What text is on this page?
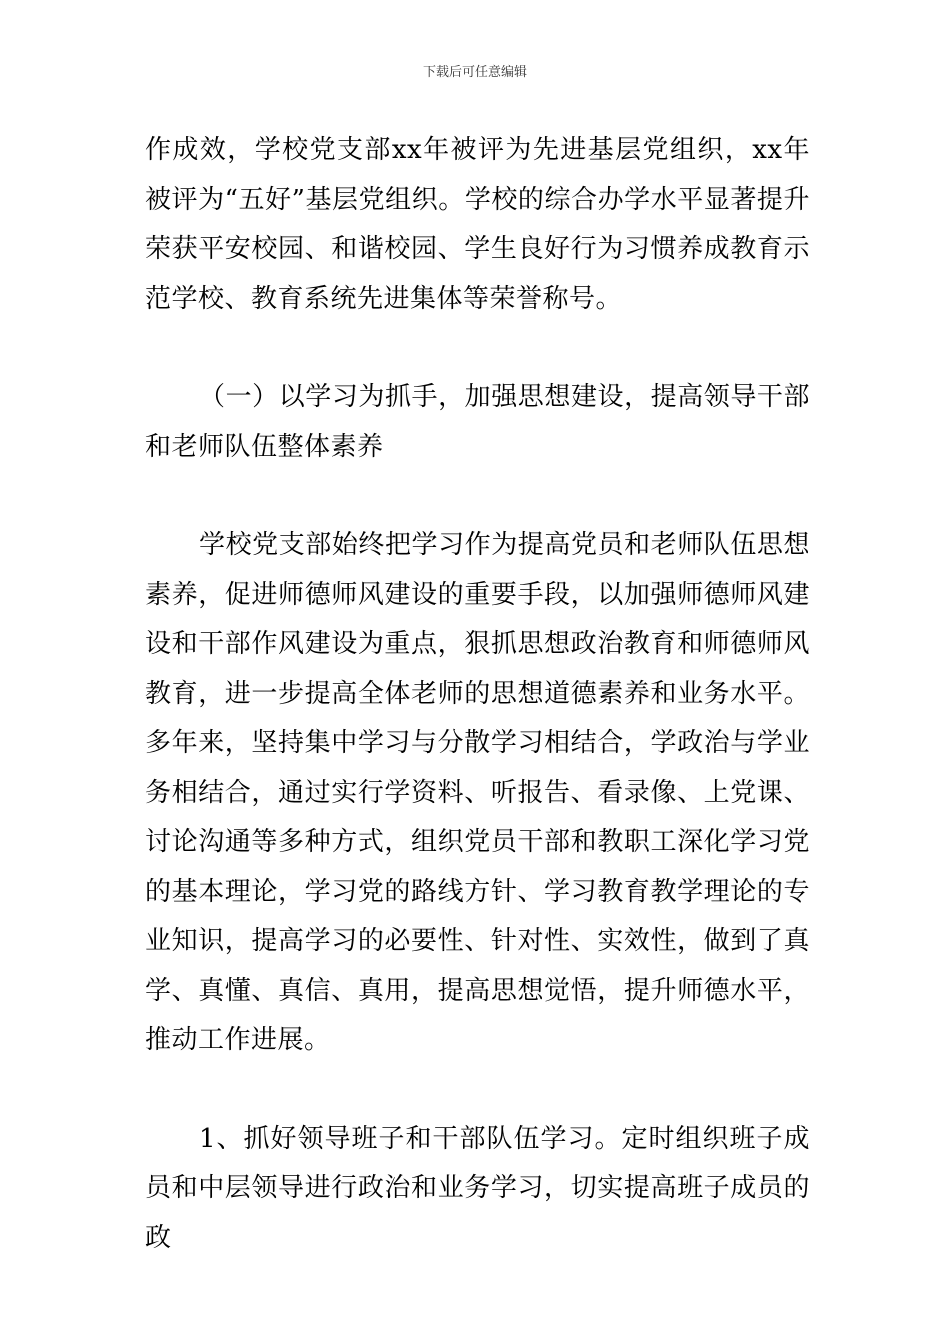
下载后可任意编辑

作成效，学校党支部xx年被评为先进基层党组织，xx年被评为“五好”基层党组织。学校的综合办学水平显著提升荣获平安校园、和谐校园、学生良好行为习惯养成教育示范学校、教育系统先进集体等荣誉称号。

（一）以学习为抓手，加强思想建设，提高领导干部和老师队伍整体素养

学校党支部始终把学习作为提高党员和老师队伍思想素养，促进师德师风建设的重要手段，以加强师德师风建设和干部作风建设为重点，狠抓思想政治教育和师德师风教育，进一步提高全体老师的思想道德素养和业务水平。多年来，坚持集中学习与分散学习相结合，学政治与学业务相结合，通过实行学资料、听报告、看录像、上党课、讨论沟通等多种方式，组织党员干部和教职工深化学习党的基本理论，学习党的路线方针、学习教育教学理论的专业知识，提高学习的必要性、针对性、实效性，做到了真学、真懂、真信、真用，提高思想觉悟，提升师德水平，推动工作进展。

1、抓好领导班子和干部队伍学习。定时组织班子成员和中层领导进行政治和业务学习，切实提高班子成员的政
